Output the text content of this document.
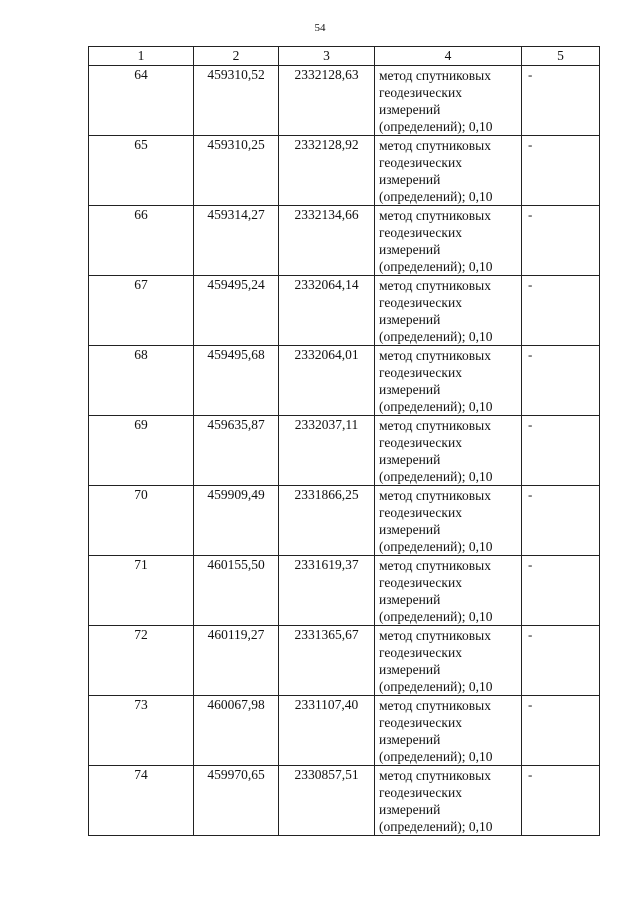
54
1	2	3	4	5
64	459310,52	2332128,63	метод спутниковых
геодезических
измерений
(определений); 0,10	-
65	459310,25	2332128,92	метод спутниковых
геодезических
измерений
(определений); 0,10	-
66	459314,27	2332134,66	метод спутниковых
геодезических
измерений
(определений); 0,10	-
67	459495,24	2332064,14	метод спутниковых
геодезических
измерений
(определений); 0,10	-
68	459495,68	2332064,01	метод спутниковых
геодезических
измерений
(определений); 0,10	-
69	459635,87	2332037,11	метод спутниковых
геодезических
измерений
(определений); 0,10	-
70	459909,49	2331866,25	метод спутниковых
геодезических
измерений
(определений); 0,10	-
71	460155,50	2331619,37	метод спутниковых
геодезических
измерений
(определений); 0,10	-
72	460119,27	2331365,67	метод спутниковых
геодезических
измерений
(определений); 0,10	-
73	460067,98	2331107,40	метод спутниковых
геодезических
измерений
(определений); 0,10	-
74	459970,65	2330857,51	метод спутниковых
геодезических
измерений
(определений); 0,10	-
